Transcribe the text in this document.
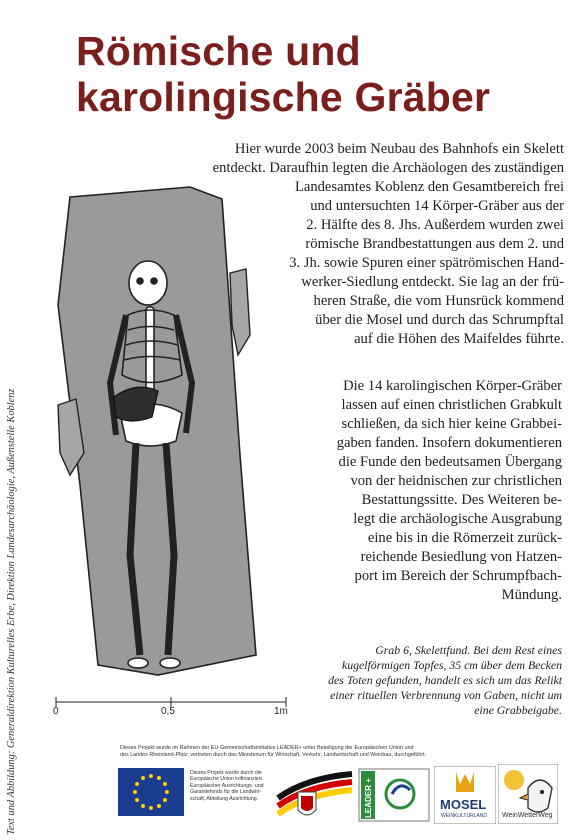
Römische und
karolingische Gräber
Text und Abbildung: Generaldirektion Kulturelles Erbe, Direktion Landesarchäologie, Außenstelle Koblenz
Hier wurde 2003 beim Neubau des Bahnhofs ein Skelett
entdeckt. Daraufhin legten die Archäologen des zuständigen
Landesamtes Koblenz den Gesamtbereich frei
und untersuchten 14 Körper-Gräber aus der
2. Hälfte des 8. Jhs. Außerdem wurden zwei
römische Brandbestattungen aus dem 2. und
3. Jh. sowie Spuren einer spätrömischen Hand-
werker-Siedlung entdeckt. Sie lag an der frü-
heren Straße, die vom Hunsrück kommend
über die Mosel und durch das Schrumpftal
auf die Höhen des Maifeldes führte.
Die 14 karolingischen Körper-Gräber
lassen auf einen christlichen Grabkult
schließen, da sich hier keine Grabbei-
gaben fanden. Insofern dokumentieren
die Funde den bedeutsamen Übergang
von der heidnischen zur christlichen
Bestattungssitte. Des Weiteren be-
legt die archäologische Ausgrabung
eine bis in die Römerzeit zurück-
reichende Besiedlung von Hatzen-
port im Bereich der Schrumpfbach-
Mündung.
Grab 6, Skelettfund. Bei dem Rest eines
kugelförmigen Topfes, 35 cm über dem Becken
des Toten gefunden, handelt es sich um das Relikt
einer rituellen Verbrennung von Gaben, nicht um
eine Grabbeigabe.
0	0,5	1m
Dieses Projekt wurde im Rahmen der EU-Gemeinschaftsinitiative LEADER+ unter Beteiligung der Europäischen Union und
des Landes Rheinland-Pfalz, vertreten durch das Ministerium für Wirtschaft, Verkehr, Landwirtschaft und Weinbau, durchgeführt.
Dieses Projekt wurde durch die
Europäische Union kofinanziert.
Europäischer Ausrichtungs- und
Garantiefonds für die Landwirt-
schaft, Abteilung Ausrichtung.	MOSEL
WEINKULTURLAND WeinWetterWeg
